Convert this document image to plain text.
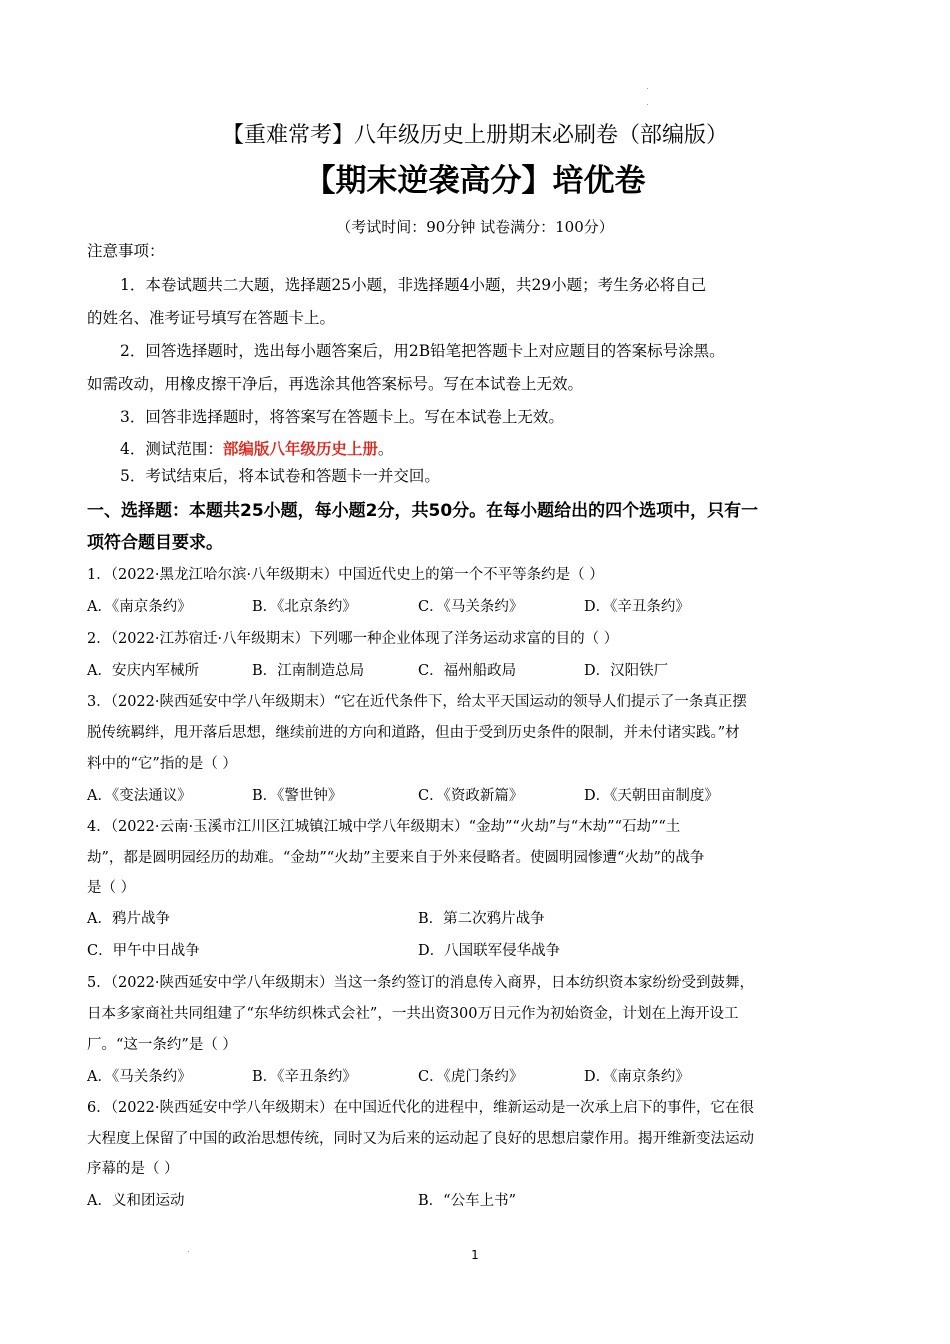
【重难常考】八年级历史上册期末必刷卷（部编版）
【期末逆袭高分】培优卷
（考试时间：90分钟 试卷满分：100分）
注意事项：
1．本卷试题共二大题，选择题25小题，非选择题4小题，共29小题；考生务必将自己
的姓名、准考证号填写在答题卡上。
2．回答选择题时，选出每小题答案后，用2B铅笔把答题卡上对应题目的答案标号涂黑。
如需改动，用橡皮擦干净后，再选涂其他答案标号。写在本试卷上无效。
3．回答非选择题时，将答案写在答题卡上。写在本试卷上无效。
4．测试范围：部编版八年级历史上册。
5．考试结束后，将本试卷和答题卡一并交回。
一、选择题：本题共25小题，每小题2分，共50分。在每小题给出的四个选项中，只有一
项符合题目要求。
1．（2022·黑龙江哈尔滨·八年级期末）中国近代史上的第一个不平等条约是（ ）
A．《南京条约》	B．《北京条约》	C．《马关条约》	D．《辛丑条约》
2．（2022·江苏宿迁·八年级期末）下列哪一种企业体现了洋务运动求富的目的（ ）
A．安庆内军械所	B．江南制造总局	C．福州船政局	D．汉阳铁厂
3．（2022·陕西延安中学八年级期末）“它在近代条件下，给太平天国运动的领导人们提示了一条真正摆
脱传统羁绊，甩开落后思想，继续前进的方向和道路，但由于受到历史条件的限制，并未付诸实践。”材
料中的“它”指的是（ ）
A．《变法通议》	B．《警世钟》	C．《资政新篇》	D．《天朝田亩制度》
4．（2022·云南·玉溪市江川区江城镇江城中学八年级期末）“金劫”“火劫”与“木劫”“石劫”“土
劫”，都是圆明园经历的劫难。“金劫”“火劫”主要来自于外来侵略者。使圆明园惨遭“火劫”的战争
是（ ）
A．鸦片战争	B．第二次鸦片战争
C．甲午中日战争	D．八国联军侵华战争
5．（2022·陕西延安中学八年级期末）当这一条约签订的消息传入商界，日本纺织资本家纷纷受到鼓舞，
日本多家商社共同组建了“东华纺织株式会社”，一共出资300万日元作为初始资金，计划在上海开设工
厂。“这一条约”是（ ）
A．《马关条约》	B．《辛丑条约》	C．《虎门条约》	D．《南京条约》
6．（2022·陕西延安中学八年级期末）在中国近代化的进程中，维新运动是一次承上启下的事件，它在很
大程度上保留了中国的政治思想传统，同时又为后来的运动起了良好的思想启蒙作用。揭开维新变法运动
序幕的是（ ）
A．义和团运动	B．“公车上书”
1
